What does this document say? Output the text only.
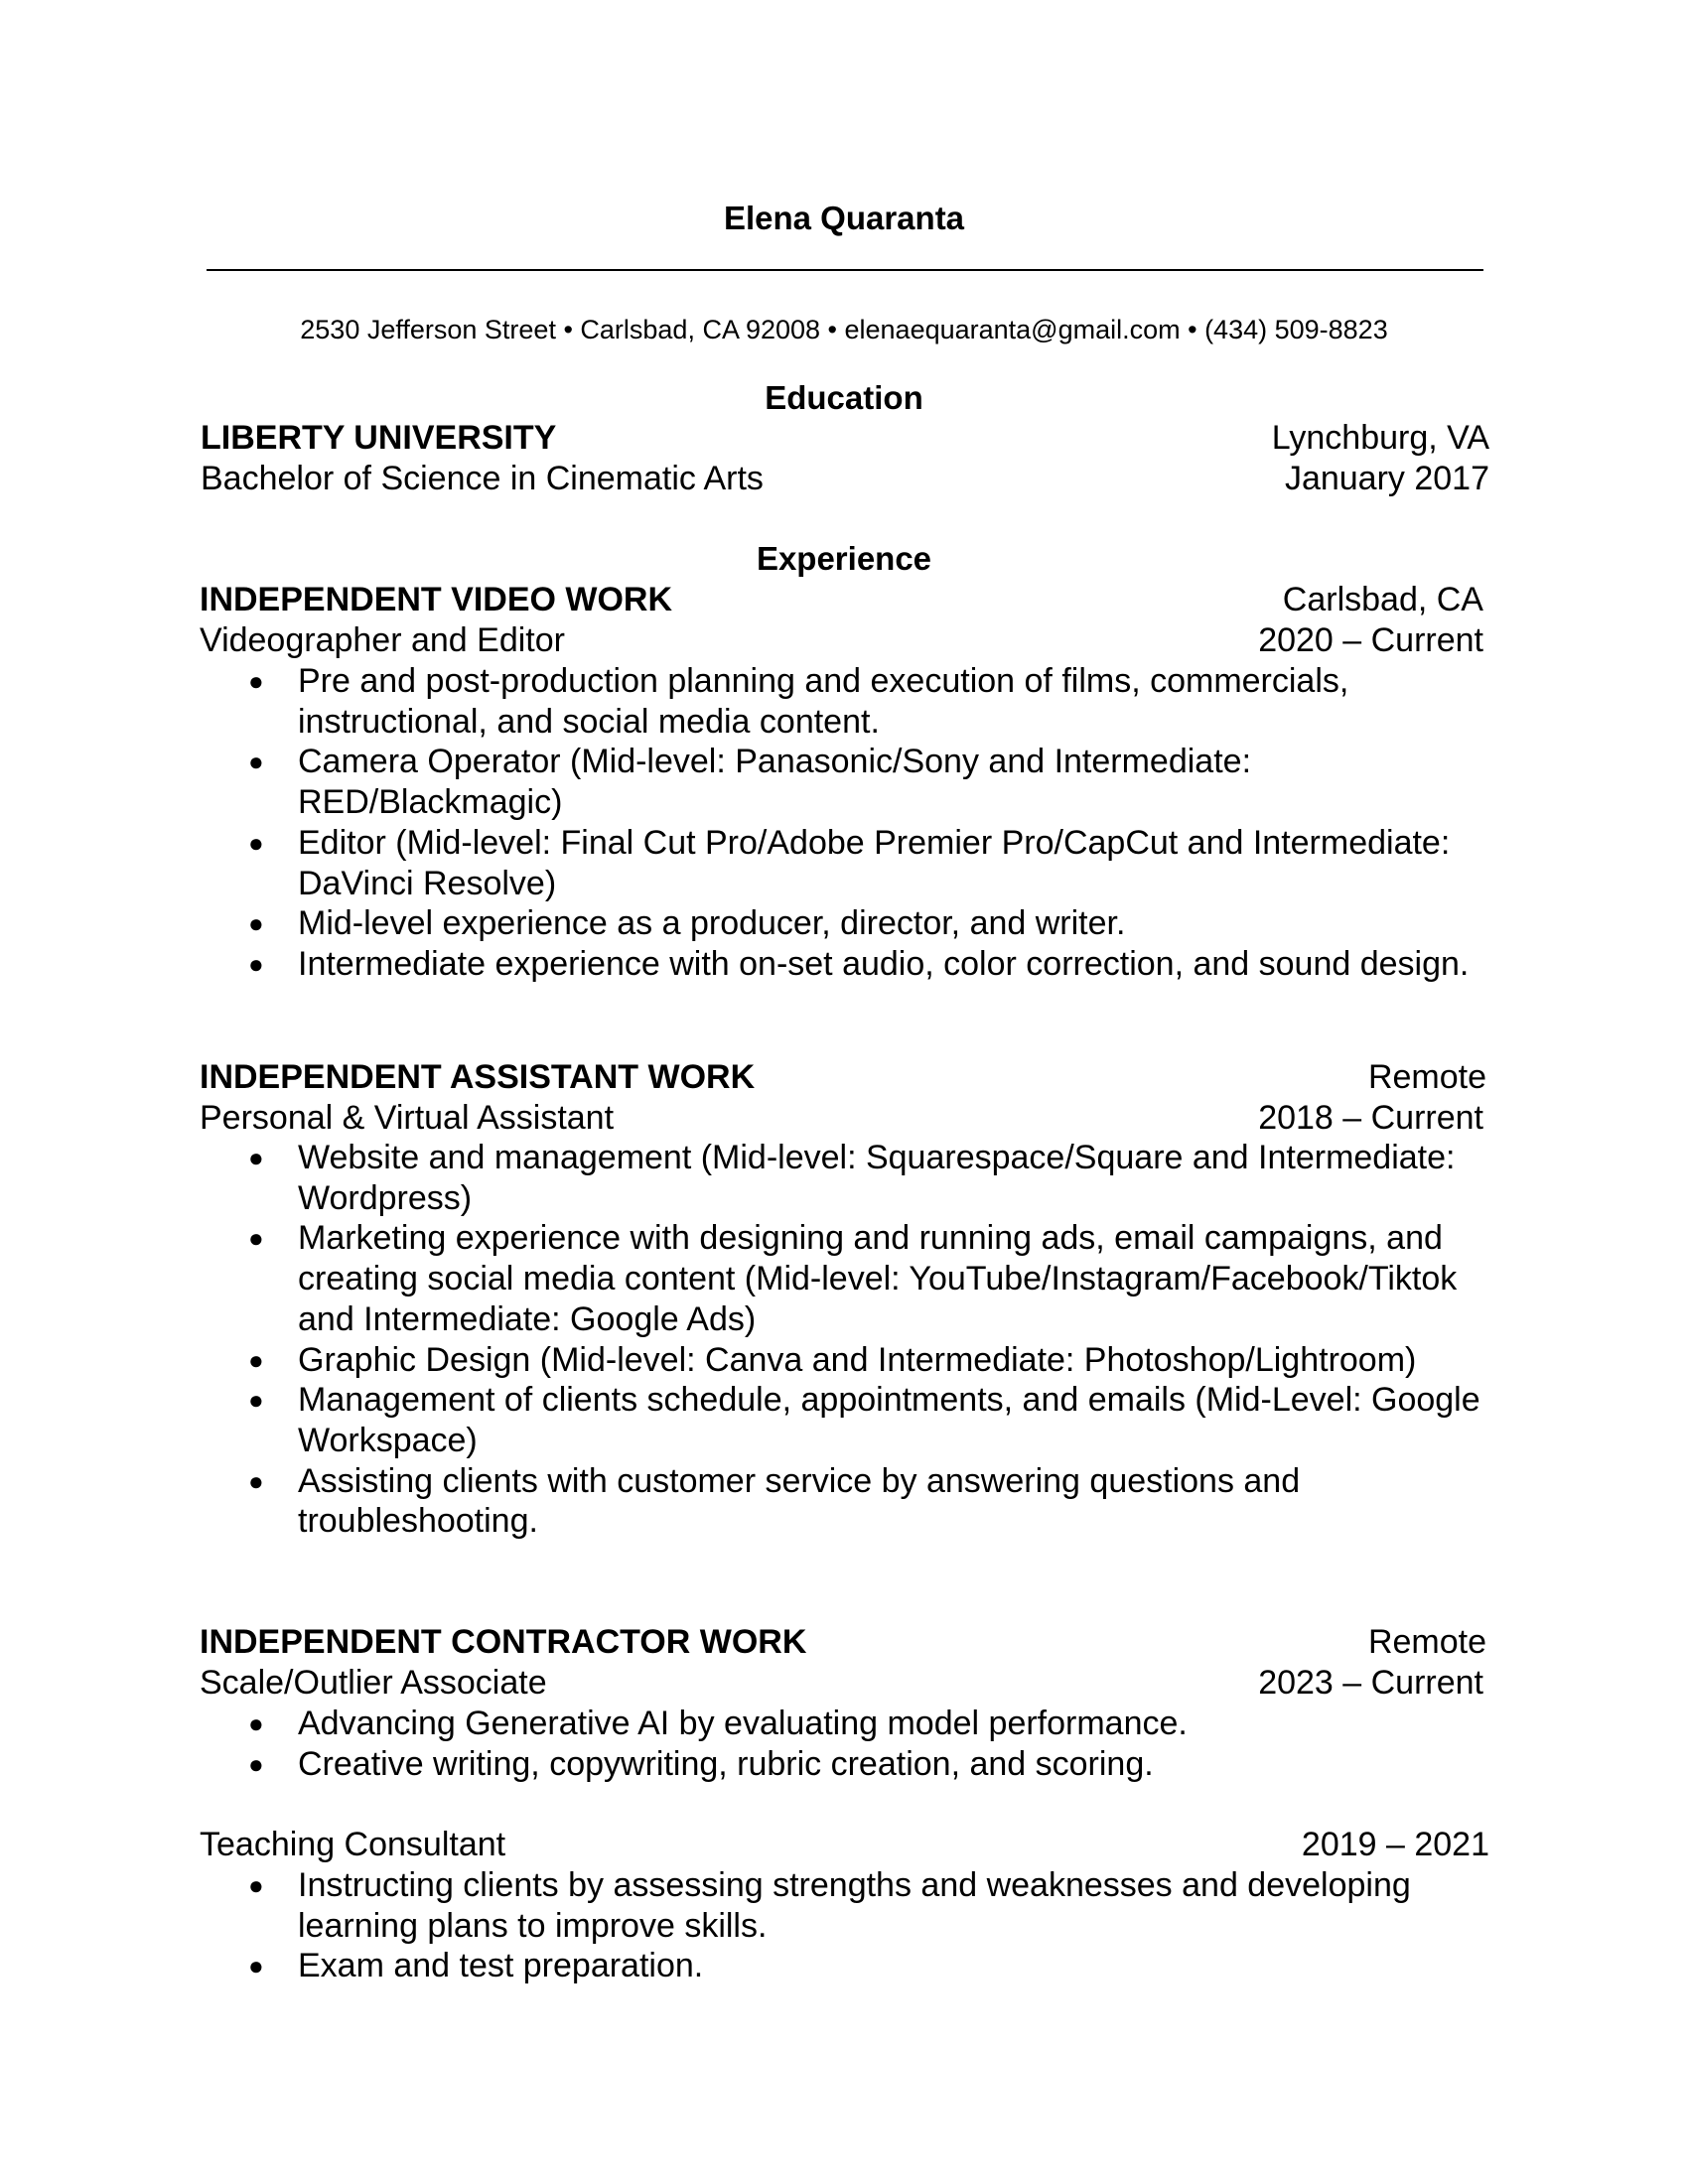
Elena Quaranta
2530 Jefferson Street • Carlsbad, CA 92008 • elenaequaranta@gmail.com • (434) 509-8823
Education
LIBERTY UNIVERSITY	Lynchburg, VA
Bachelor of Science in Cinematic Arts	January 2017
Experience
INDEPENDENT VIDEO WORK	Carlsbad, CA
Videographer and Editor	2020 – Current
● Pre and post-production planning and execution of films, commercials, instructional, and social media content.
● Camera Operator (Mid-level: Panasonic/Sony and Intermediate: RED/Blackmagic)
● Editor (Mid-level: Final Cut Pro/Adobe Premier Pro/CapCut and Intermediate: DaVinci Resolve)
● Mid-level experience as a producer, director, and writer.
● Intermediate experience with on-set audio, color correction, and sound design.
INDEPENDENT ASSISTANT WORK	Remote
Personal & Virtual Assistant	2018 – Current
● Website and management (Mid-level: Squarespace/Square and Intermediate: Wordpress)
● Marketing experience with designing and running ads, email campaigns, and creating social media content (Mid-level: YouTube/Instagram/Facebook/Tiktok and Intermediate: Google Ads)
● Graphic Design (Mid-level: Canva and Intermediate: Photoshop/Lightroom)
● Management of clients schedule, appointments, and emails (Mid-Level: Google Workspace)
● Assisting clients with customer service by answering questions and troubleshooting.
INDEPENDENT CONTRACTOR WORK	Remote
Scale/Outlier Associate	2023 – Current
● Advancing Generative AI by evaluating model performance.
● Creative writing, copywriting, rubric creation, and scoring.
Teaching Consultant	2019 – 2021
● Instructing clients by assessing strengths and weaknesses and developing learning plans to improve skills.
● Exam and test preparation.
